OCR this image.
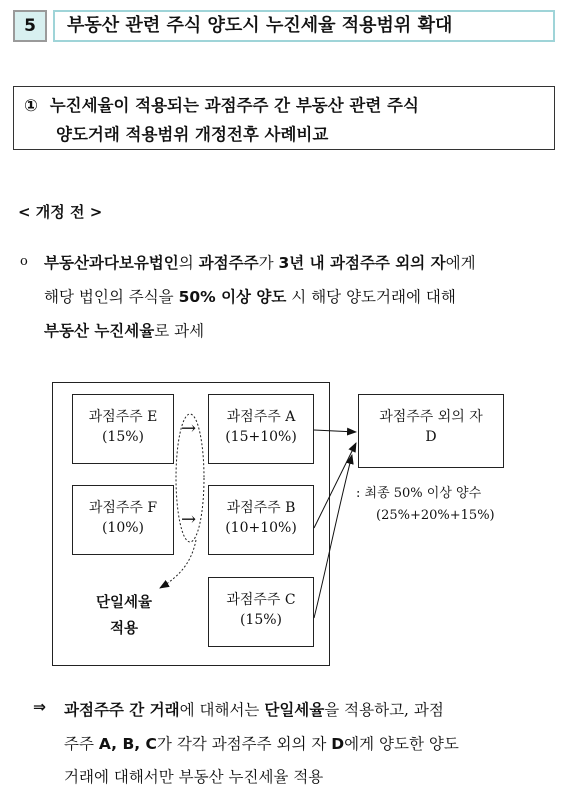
5	부동산 관련 주식 양도시 누진세율 적용범위 확대
① 누진세율이 적용되는 과점주주 간 부동산 관련 주식
양도거래 적용범위 개정전후 사례비교
< 개정 전 >
o 부동산과다보유법인의 과점주주가 3년 내 과점주주 외의 자에게
해당 법인의 주식을 50% 이상 양도 시 해당 양도거래에 대해
부동산 누진세율로 과세
과점주주 E
(15%)
과점주주 A
(15+10%)
과점주주 F
(10%)
과점주주 B
(10+10%)
과점주주 C
(15%)
과점주주 외의 자
D
→
→
: 최종 50% 이상 양수
(25%+20%+15%)
단일세율
적용
⇒ 과점주주 간 거래에 대해서는 단일세율을 적용하고, 과점
주주 A, B, C가 각각 과점주주 외의 자 D에게 양도한 양도
거래에 대해서만 부동산 누진세율 적용
